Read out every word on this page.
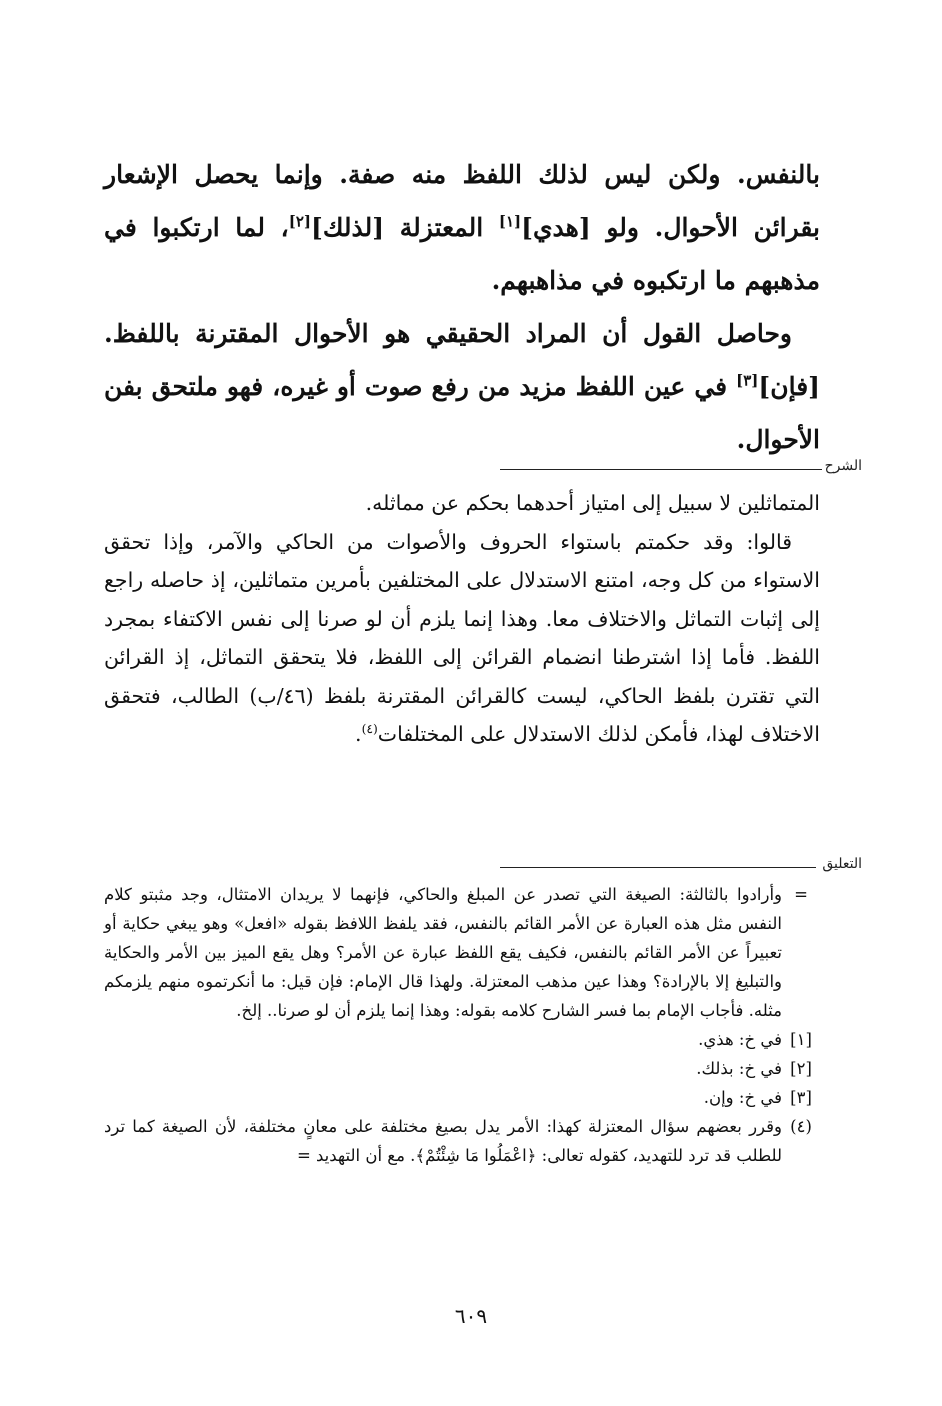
بالنفس. ولكن ليس لذلك اللفظ منه صفة. وإنما يحصل الإشعار بقرائن الأحوال. ولو [هدي][١] المعتزلة [لذلك][٢]، لما ارتكبوا في مذهبهم ما ارتكبوه في مذاهبهم.

وحاصل القول أن المراد الحقيقي هو الأحوال المقترنة باللفظ. [فإن][٣] في عين اللفظ مزيد من رفع صوت أو غيره، فهو ملتحق بفن الأحوال.

الشرح

المتماثلين لا سبيل إلى امتياز أحدهما بحكم عن مماثله.

قالوا: وقد حكمتم باستواء الحروف والأصوات من الحاكي والآمر، وإذا تحقق الاستواء من كل وجه، امتنع الاستدلال على المختلفين بأمرين متماثلين، إذ حاصله راجع إلى إثبات التماثل والاختلاف معا. وهذا إنما يلزم أن لو صرنا إلى نفس الاكتفاء بمجرد اللفظ. فأما إذا اشترطنا انضمام القرائن إلى اللفظ، فلا يتحقق التماثل، إذ القرائن التي تقترن بلفظ الحاكي، ليست كالقرائن المقترنة بلفظ (٤٦/ب) الطالب، فتحقق الاختلاف لهذا، فأمكن لذلك الاستدلال على المختلفات$^{(٤)}$.

التعليق
=
وأرادوا بالثالثة: الصيغة التي تصدر عن المبلغ والحاكي، فإنهما لا يريدان الامتثال، وجد مثبتو كلام النفس مثل هذه العبارة عن الأمر القائم بالنفس، فقد يلفظ اللافظ بقوله «افعل» وهو يبغي حكاية أو تعبيراً عن الأمر القائم بالنفس، فكيف يقع اللفظ عبارة عن الأمر؟ وهل يقع الميز بين الأمر والحكاية والتبليغ إلا بالإرادة؟ وهذا عين مذهب المعتزلة. ولهذا قال الإمام: فإن قيل: ما أنكرتموه منهم يلزمكم مثله. فأجاب الإمام بما فسر الشارح كلامه بقوله: وهذا إنما يلزم أن لو صرنا.. إلخ.
[١]
في خ: هذي.
[٢]
في خ: بذلك.
[٣]
في خ: وإن.
(٤)
وقرر بعضهم سؤال المعتزلة كهذا: الأمر يدل بصيغ مختلفة على معانٍ مختلفة، لأن الصيغة كما ترد للطلب قد ترد للتهديد، كقوله تعالى: ﴿اعْمَلُوا مَا شِئْتُمْ﴾. مع أن التهديد =
٦٠٩
